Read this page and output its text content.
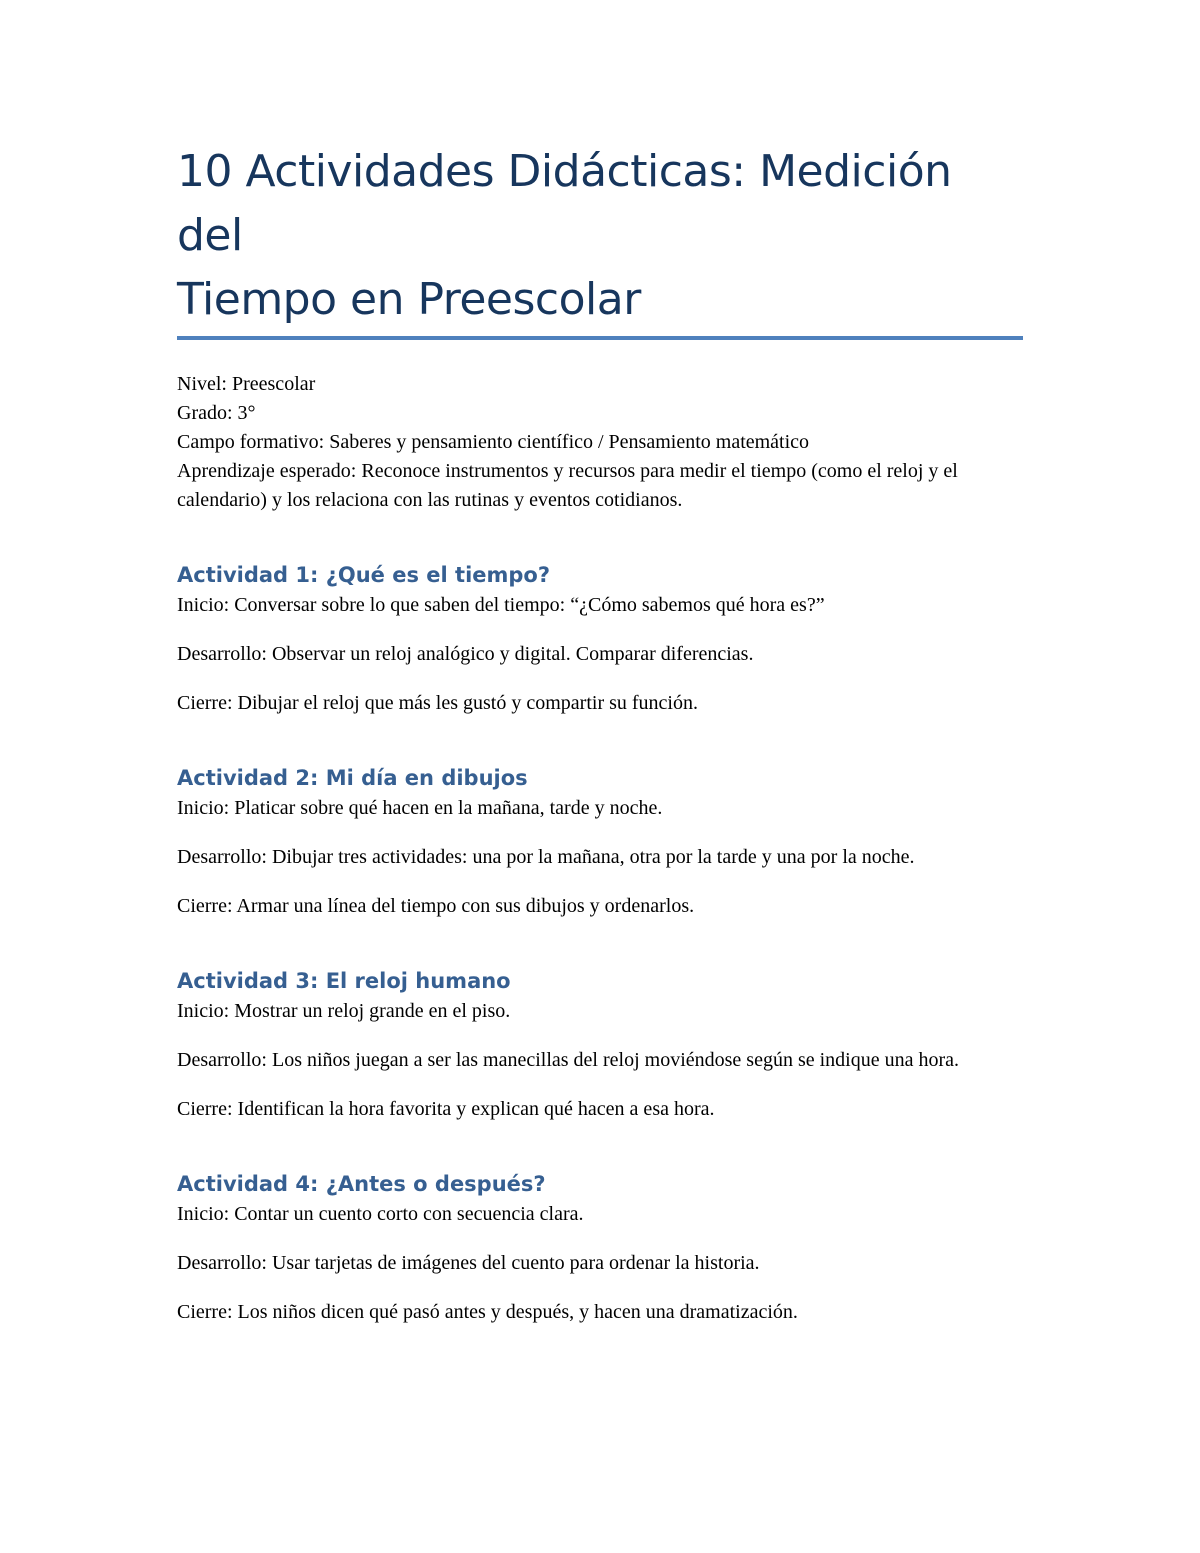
10 Actividades Didácticas: Medición del
Tiempo en Preescolar

Nivel: Preescolar

Grado: 3°

Campo formativo: Saberes y pensamiento científico / Pensamiento matemático

Aprendizaje esperado: Reconoce instrumentos y recursos para medir el tiempo (como el reloj y el calendario) y los relaciona con las rutinas y eventos cotidianos.

Actividad 1: ¿Qué es el tiempo?

Inicio: Conversar sobre lo que saben del tiempo: “¿Cómo sabemos qué hora es?”

Desarrollo: Observar un reloj analógico y digital. Comparar diferencias.

Cierre: Dibujar el reloj que más les gustó y compartir su función.

Actividad 2: Mi día en dibujos

Inicio: Platicar sobre qué hacen en la mañana, tarde y noche.

Desarrollo: Dibujar tres actividades: una por la mañana, otra por la tarde y una por la noche.

Cierre: Armar una línea del tiempo con sus dibujos y ordenarlos.

Actividad 3: El reloj humano

Inicio: Mostrar un reloj grande en el piso.

Desarrollo: Los niños juegan a ser las manecillas del reloj moviéndose según se indique una hora.

Cierre: Identifican la hora favorita y explican qué hacen a esa hora.

Actividad 4: ¿Antes o después?

Inicio: Contar un cuento corto con secuencia clara.

Desarrollo: Usar tarjetas de imágenes del cuento para ordenar la historia.

Cierre: Los niños dicen qué pasó antes y después, y hacen una dramatización.
